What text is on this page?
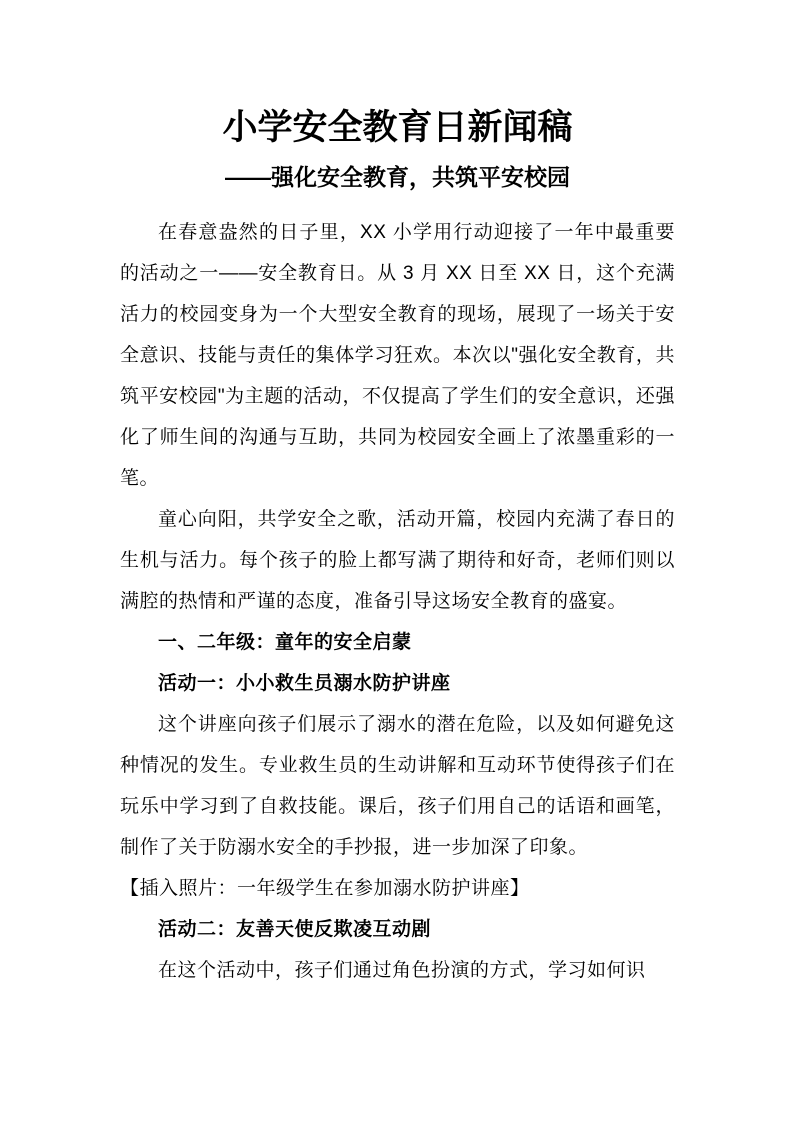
小学安全教育日新闻稿
——强化安全教育，共筑平安校园

在春意盎然的日子里，XX 小学用行动迎接了一年中最重要的活动之一——安全教育日。从 3 月 XX 日至 XX 日，这个充满活力的校园变身为一个大型安全教育的现场，展现了一场关于安全意识、技能与责任的集体学习狂欢。本次以"强化安全教育，共筑平安校园"为主题的活动，不仅提高了学生们的安全意识，还强化了师生间的沟通与互助，共同为校园安全画上了浓墨重彩的一笔。

童心向阳，共学安全之歌，活动开篇，校园内充满了春日的生机与活力。每个孩子的脸上都写满了期待和好奇，老师们则以满腔的热情和严谨的态度，准备引导这场安全教育的盛宴。

一、二年级：童年的安全启蒙

活动一：小小救生员溺水防护讲座

这个讲座向孩子们展示了溺水的潜在危险，以及如何避免这种情况的发生。专业救生员的生动讲解和互动环节使得孩子们在玩乐中学习到了自救技能。课后，孩子们用自己的话语和画笔，制作了关于防溺水安全的手抄报，进一步加深了印象。

【插入照片：一年级学生在参加溺水防护讲座】

活动二：友善天使反欺凌互动剧

在这个活动中，孩子们通过角色扮演的方式，学习如何识
